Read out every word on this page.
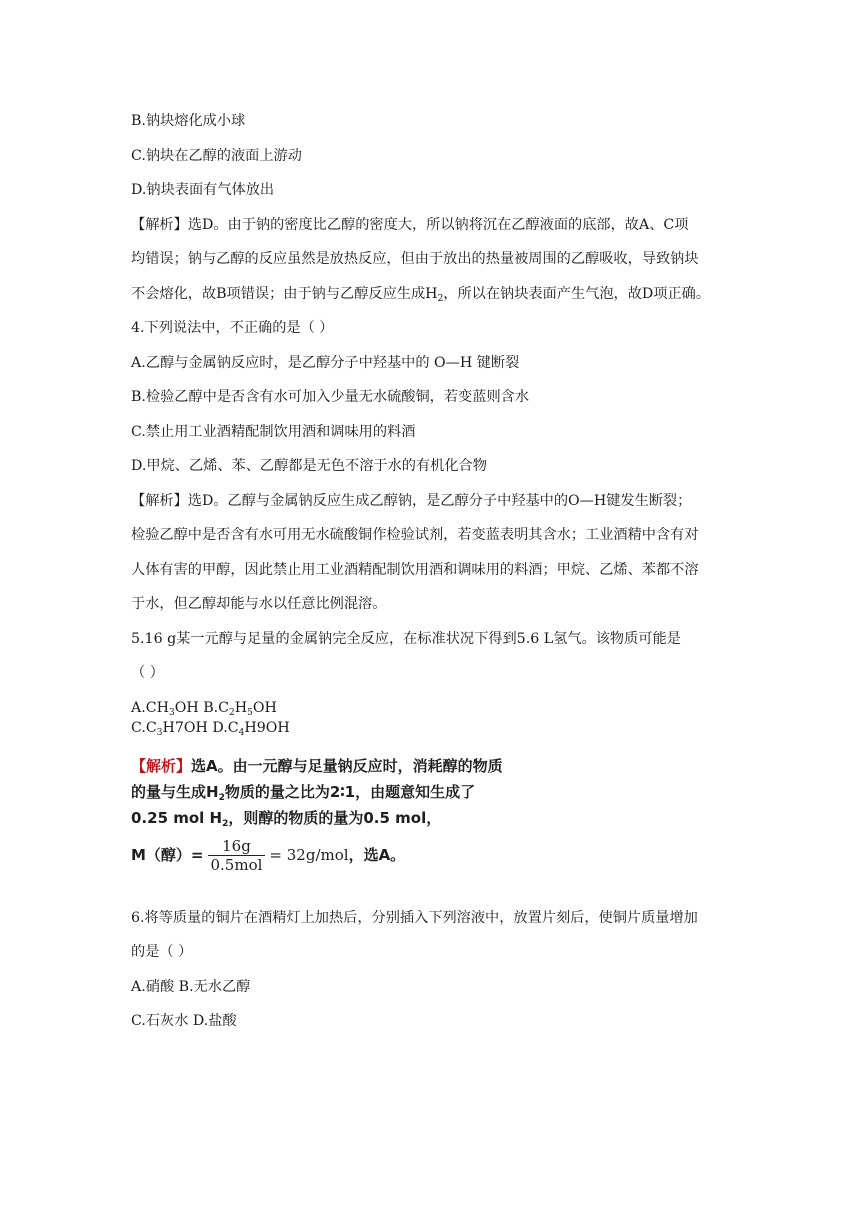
B.钠块熔化成小球
C.钠块在乙醇的液面上游动
D.钠块表面有气体放出
【解析】选D。由于钠的密度比乙醇的密度大，所以钠将沉在乙醇液面的底部，故A、C项
均错误；钠与乙醇的反应虽然是放热反应，但由于放出的热量被周围的乙醇吸收，导致钠块
不会熔化，故B项错误；由于钠与乙醇反应生成$H_2$，所以在钠块表面产生气泡，故D项正确。
4.下列说法中，不正确的是（ ）
A.乙醇与金属钠反应时，是乙醇分子中羟基中的 O—H 键断裂
B.检验乙醇中是否含有水可加入少量无水硫酸铜，若变蓝则含水
C.禁止用工业酒精配制饮用酒和调味用的料酒
D.甲烷、乙烯、苯、乙醇都是无色不溶于水的有机化合物
【解析】选D。乙醇与金属钠反应生成乙醇钠，是乙醇分子中羟基中的O—H键发生断裂；
检验乙醇中是否含有水可用无水硫酸铜作检验试剂，若变蓝表明其含水；工业酒精中含有对
人体有害的甲醇，因此禁止用工业酒精配制饮用酒和调味用的料酒；甲烷、乙烯、苯都不溶
于水，但乙醇却能与水以任意比例混溶。
5.16 g某一元醇与足量的金属钠完全反应，在标准状况下得到5.6 L氢气。该物质可能是
（ ）
$A.CH_3OH$ $B.C_2H_5OH$
$C.C_3H7OH$ $D.C_4H9OH$
【解析】选A。由一元醇与足量钠反应时，消耗醇的物质
的量与生成$H_2$物质的量之比为2∶1，由题意知生成了
0.25 mol $H_2$，则醇的物质的量为0.5 mol，
M（醇）= $\frac{16g}{\text{0.5mol}} = 32g/mol$，选A。
6.将等质量的铜片在酒精灯上加热后，分别插入下列溶液中，放置片刻后，使铜片质量增加
的是（ ）
A.硝酸 B.无水乙醇
C.石灰水 D.盐酸
